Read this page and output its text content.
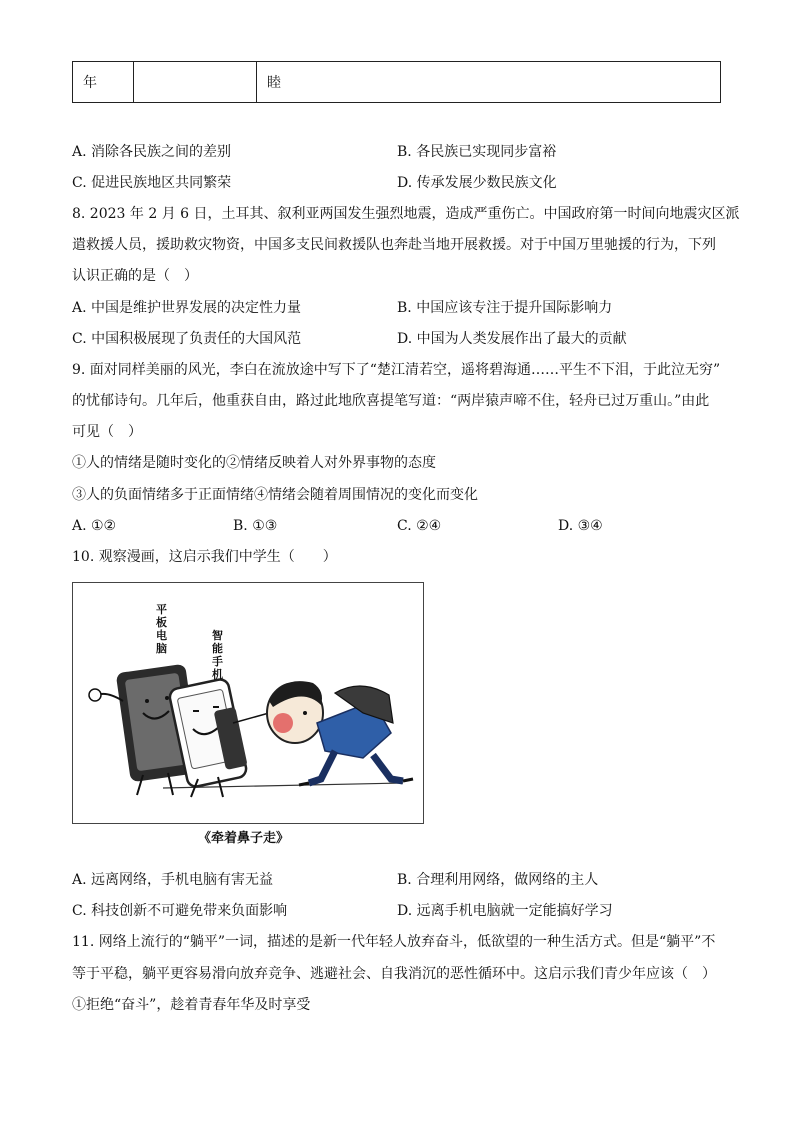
年		睦
A. 消除各民族之间的差别	B. 各民族已实现同步富裕
C. 促进民族地区共同繁荣	D. 传承发展少数民族文化
8. 2023 年 2 月 6 日，土耳其、叙利亚两国发生强烈地震，造成严重伤亡。中国政府第一时间向地震灾区派
遣救援人员，援助救灾物资，中国多支民间救援队也奔赴当地开展救援。对于中国万里驰援的行为，下列
认识正确的是（　）
A. 中国是维护世界发展的决定性力量	B. 中国应该专注于提升国际影响力
C. 中国积极展现了负责任的大国风范	D. 中国为人类发展作出了最大的贡献
9. 面对同样美丽的风光，李白在流放途中写下了“楚江清若空，遥将碧海通……平生不下泪，于此泣无穷”
的忧郁诗句。几年后，他重获自由，路过此地欣喜提笔写道：“两岸猿声啼不住，轻舟已过万重山。”由此
可见（　）
①人的情绪是随时变化的②情绪反映着人对外界事物的态度
③人的负面情绪多于正面情绪④情绪会随着周围情况的变化而变化
A. ①②	B. ①③	C. ②④	D. ③④
10. 观察漫画，这启示我们中学生（　　）
平板电脑
智能手机
《牵着鼻子走》
A. 远离网络，手机电脑有害无益	B. 合理利用网络，做网络的主人
C. 科技创新不可避免带来负面影响	D. 远离手机电脑就一定能搞好学习
11. 网络上流行的“躺平”一词，描述的是新一代年轻人放弃奋斗，低欲望的一种生活方式。但是“躺平”不
等于平稳，躺平更容易滑向放弃竞争、逃避社会、自我消沉的恶性循环中。这启示我们青少年应该（　）
①拒绝“奋斗”，趁着青春年华及时享受
